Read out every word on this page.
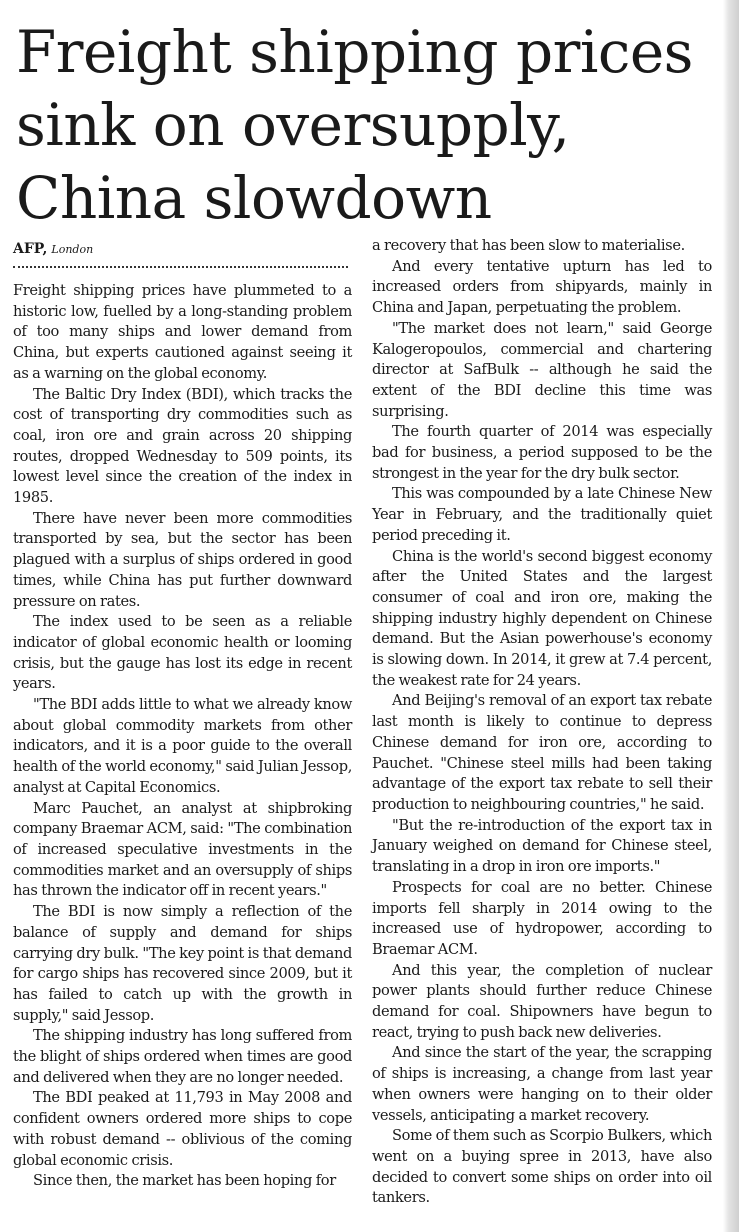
Freight shipping prices sink on oversupply, China slowdown
AFP, London

Freight shipping prices have plummeted to a historic low, fuelled by a long-standing problem of too many ships and lower demand from China, but experts cautioned against seeing it as a warning on the global economy.

The Baltic Dry Index (BDI), which tracks the cost of transporting dry commodities such as coal, iron ore and grain across 20 shipping routes, dropped Wednesday to 509 points, its lowest level since the creation of the index in 1985.

There have never been more commodities transported by sea, but the sector has been plagued with a surplus of ships ordered in good times, while China has put further downward pressure on rates.

The index used to be seen as a reliable indicator of global economic health or looming crisis, but the gauge has lost its edge in recent years.

"The BDI adds little to what we already know about global commodity markets from other indicators, and it is a poor guide to the overall health of the world economy," said Julian Jessop, analyst at Capital Economics.

Marc Pauchet, an analyst at shipbroking company Braemar ACM, said: "The combination of increased speculative investments in the commodities market and an oversupply of ships has thrown the indicator off in recent years."

The BDI is now simply a reflection of the balance of supply and demand for ships carrying dry bulk. "The key point is that demand for cargo ships has recovered since 2009, but it has failed to catch up with the growth in supply," said Jessop.

The shipping industry has long suffered from the blight of ships ordered when times are good and delivered when they are no longer needed.

The BDI peaked at 11,793 in May 2008 and confident owners ordered more ships to cope with robust demand -- oblivious of the coming global economic crisis.

Since then, the market has been hoping for

a recovery that has been slow to materialise.

And every tentative upturn has led to increased orders from shipyards, mainly in China and Japan, perpetuating the problem.

"The market does not learn," said George Kalogeropoulos, commercial and chartering director at SafBulk -- although he said the extent of the BDI decline this time was surprising.

The fourth quarter of 2014 was especially bad for business, a period supposed to be the strongest in the year for the dry bulk sector.

This was compounded by a late Chinese New Year in February, and the traditionally quiet period preceding it.

China is the world's second biggest economy after the United States and the largest consumer of coal and iron ore, making the shipping industry highly dependent on Chinese demand. But the Asian powerhouse's economy is slowing down. In 2014, it grew at 7.4 percent, the weakest rate for 24 years.

And Beijing's removal of an export tax rebate last month is likely to continue to depress Chinese demand for iron ore, according to Pauchet. "Chinese steel mills had been taking advantage of the export tax rebate to sell their production to neighbouring countries," he said.

"But the re-introduction of the export tax in January weighed on demand for Chinese steel, translating in a drop in iron ore imports."

Prospects for coal are no better. Chinese imports fell sharply in 2014 owing to the increased use of hydropower, according to Braemar ACM.

And this year, the completion of nuclear power plants should further reduce Chinese demand for coal. Shipowners have begun to react, trying to push back new deliveries.

And since the start of the year, the scrapping of ships is increasing, a change from last year when owners were hanging on to their older vessels, anticipating a market recovery.

Some of them such as Scorpio Bulkers, which went on a buying spree in 2013, have also decided to convert some ships on order into oil tankers.
